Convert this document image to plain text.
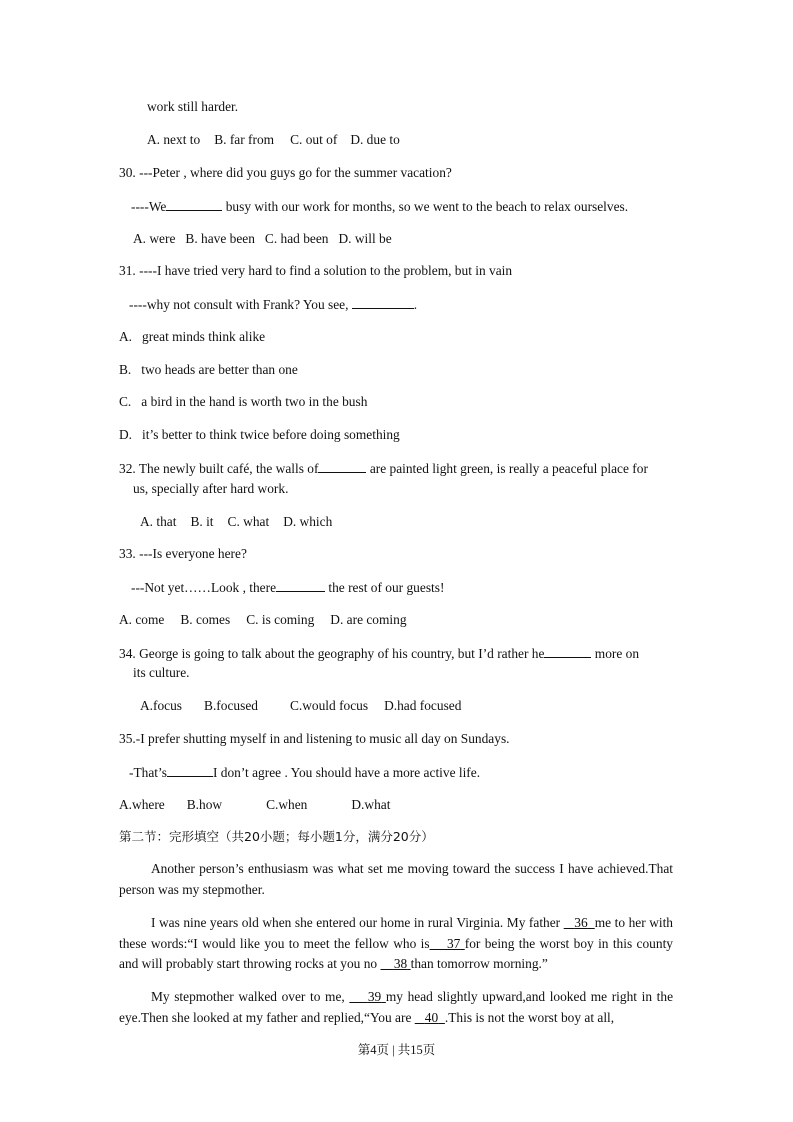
work still harder.
A. next to B. far from C. out of D. due to
30. ---Peter , where did you guys go for the summer vacation?
----We	busy with our work for months, so we went to the beach to relax ourselves.
A. were B. have been C. had been D. will be
31. ----I have tried very hard to find a solution to the problem, but in vain
----why not consult with Frank? You see,	.
A. great minds think alike
B. two heads are better than one
C. a bird in the hand is worth two in the bush
D. it’s better to think twice before doing something
32. The newly built café, the walls of	are painted light green, is really a peaceful place for
us, specially after hard work.
A. that B. it C. what D. which
33. ---Is everyone here?
---Not yet……Look , there	the rest of our guests!
A. come B. comes C. is coming D. are coming
34. George is going to talk about the geography of his country, but I’d rather he	more on
its culture.
A.focus B.focused C.would focus D.had focused
35.-I prefer shutting myself in and listening to music all day on Sundays.
-That’s	I don’t agree . You should have a more active life.
A.where B.how	C.when	D.what
第二节：完形填空（共20小题；每小题1分，满分20分）
Another person’s enthusiasm was what set me moving toward the success I have achieved.That person was my stepmother.
I was nine years old when she entered our home in rural Virginia. My father 36 me to her with these words:“I would like you to meet the fellow who is 37 for being the worst boy in this county and will probably start throwing rocks at you no 38 than tomorrow morning.”
My stepmother walked over to me, 39 my head slightly upward,and looked me right in the eye.Then she looked at my father and replied,“You are 40 .This is not the worst boy at all,
第4页 | 共15页
